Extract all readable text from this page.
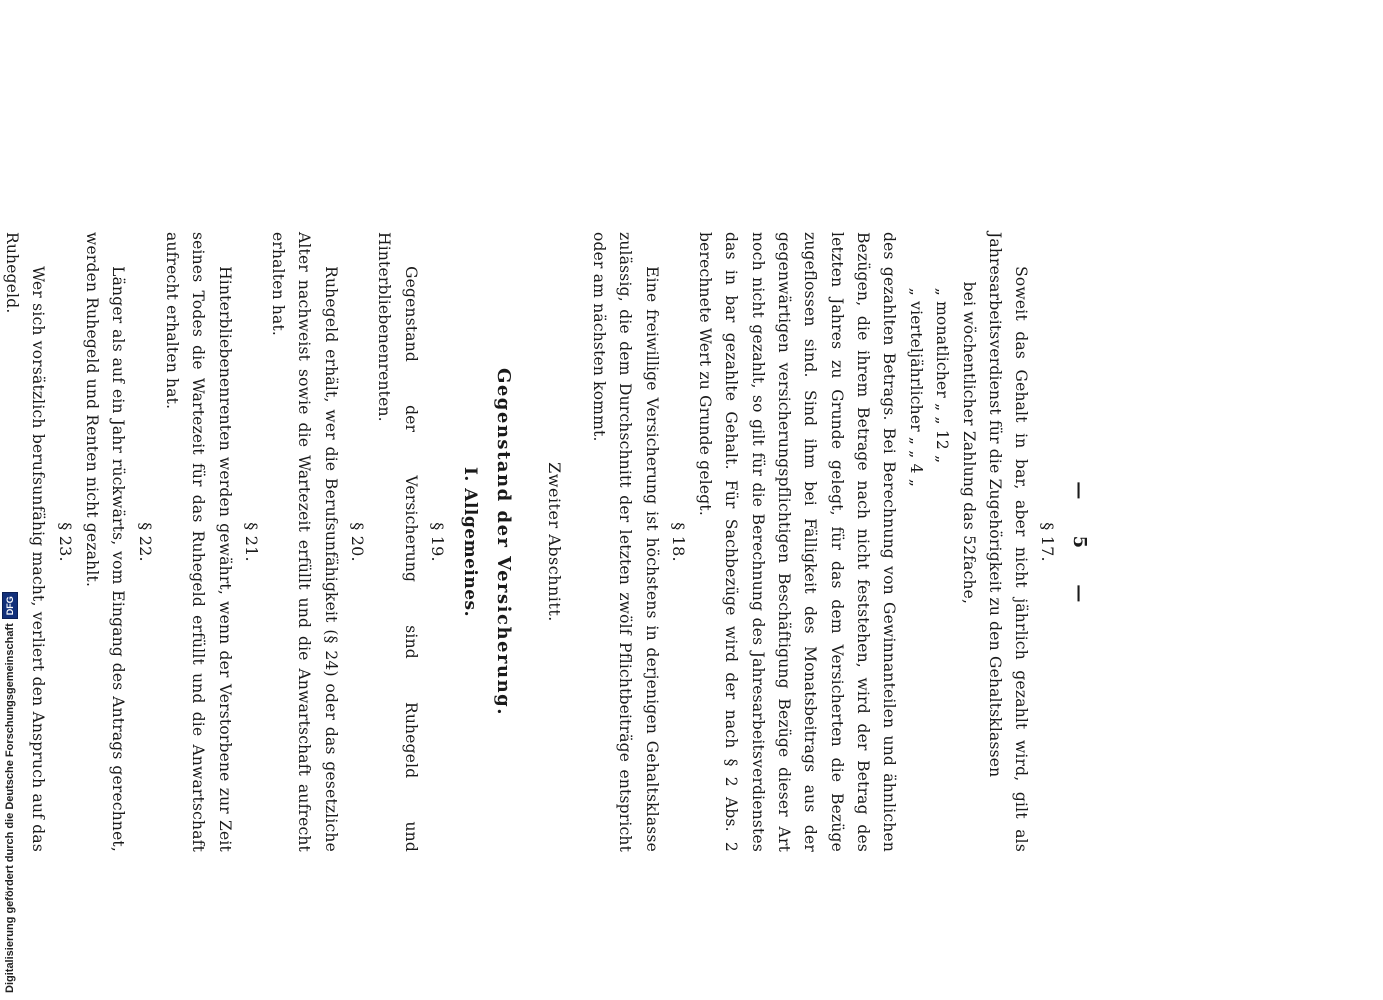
—
5
—

§ 17.

Soweit das Gehalt in bar, aber nicht jährlich gezahlt wird, gilt als Jahresarbeitsverdienst für die Zugehörigkeit zu den Gehaltsklassen

bei wöchentlicher Zahlung das 52fache,

„ monatlicher „ „ 12 „

„ vierteljährlicher „ „ 4 „

des gezahlten Betrags. Bei Berechnung von Gewinnanteilen und ähnlichen Bezügen, die ihrem Betrage nach nicht feststehen, wird der Betrag des letzten Jahres zu Grunde gelegt, für das dem Versicherten die Bezüge zugeflossen sind. Sind ihm bei Fälligkeit des Monatsbeitrags aus der gegenwärtigen versicherungspflichtigen Beschäftigung Bezüge dieser Art noch nicht gezahlt, so gilt für die Berechnung des Jahresarbeitsverdienstes das in bar gezahlte Gehalt. Für Sachbezüge wird der nach § 2 Abs. 2 berechnete Wert zu Grunde gelegt.

§ 18.

Eine freiwillige Versicherung ist höchstens in derjenigen Gehaltsklasse zulässig, die dem Durchschnitt der letzten zwölf Pflichtbeiträge entspricht oder am nächsten kommt.

Zweiter Abschnitt.

Gegenstand der Versicherung.

I. Allgemeines.

§ 19.

Gegenstand der Versicherung sind Ruhegeld und Hinterbliebenenrenten.

§ 20.

Ruhegeld erhält, wer die Berufsunfähigkeit (§ 24) oder das gesetzliche Alter nachweist sowie die Wartezeit erfüllt und die Anwartschaft aufrecht erhalten hat.

§ 21.

Hinterbliebenenrenten werden gewährt, wenn der Verstorbene zur Zeit seines Todes die Wartezeit für das Ruhegeld erfüllt und die Anwartschaft aufrecht erhalten hat.

§ 22.

Länger als auf ein Jahr rückwärts, vom Eingang des Antrags gerechnet, werden Ruhegeld und Renten nicht gezahlt.

§ 23.

Wer sich vorsätzlich berufsunfähig macht, verliert den Anspruch auf das Ruhegeld.

Digitalisierung gefördert durch die Deutsche Forschungsgemeinschaft
DFG
